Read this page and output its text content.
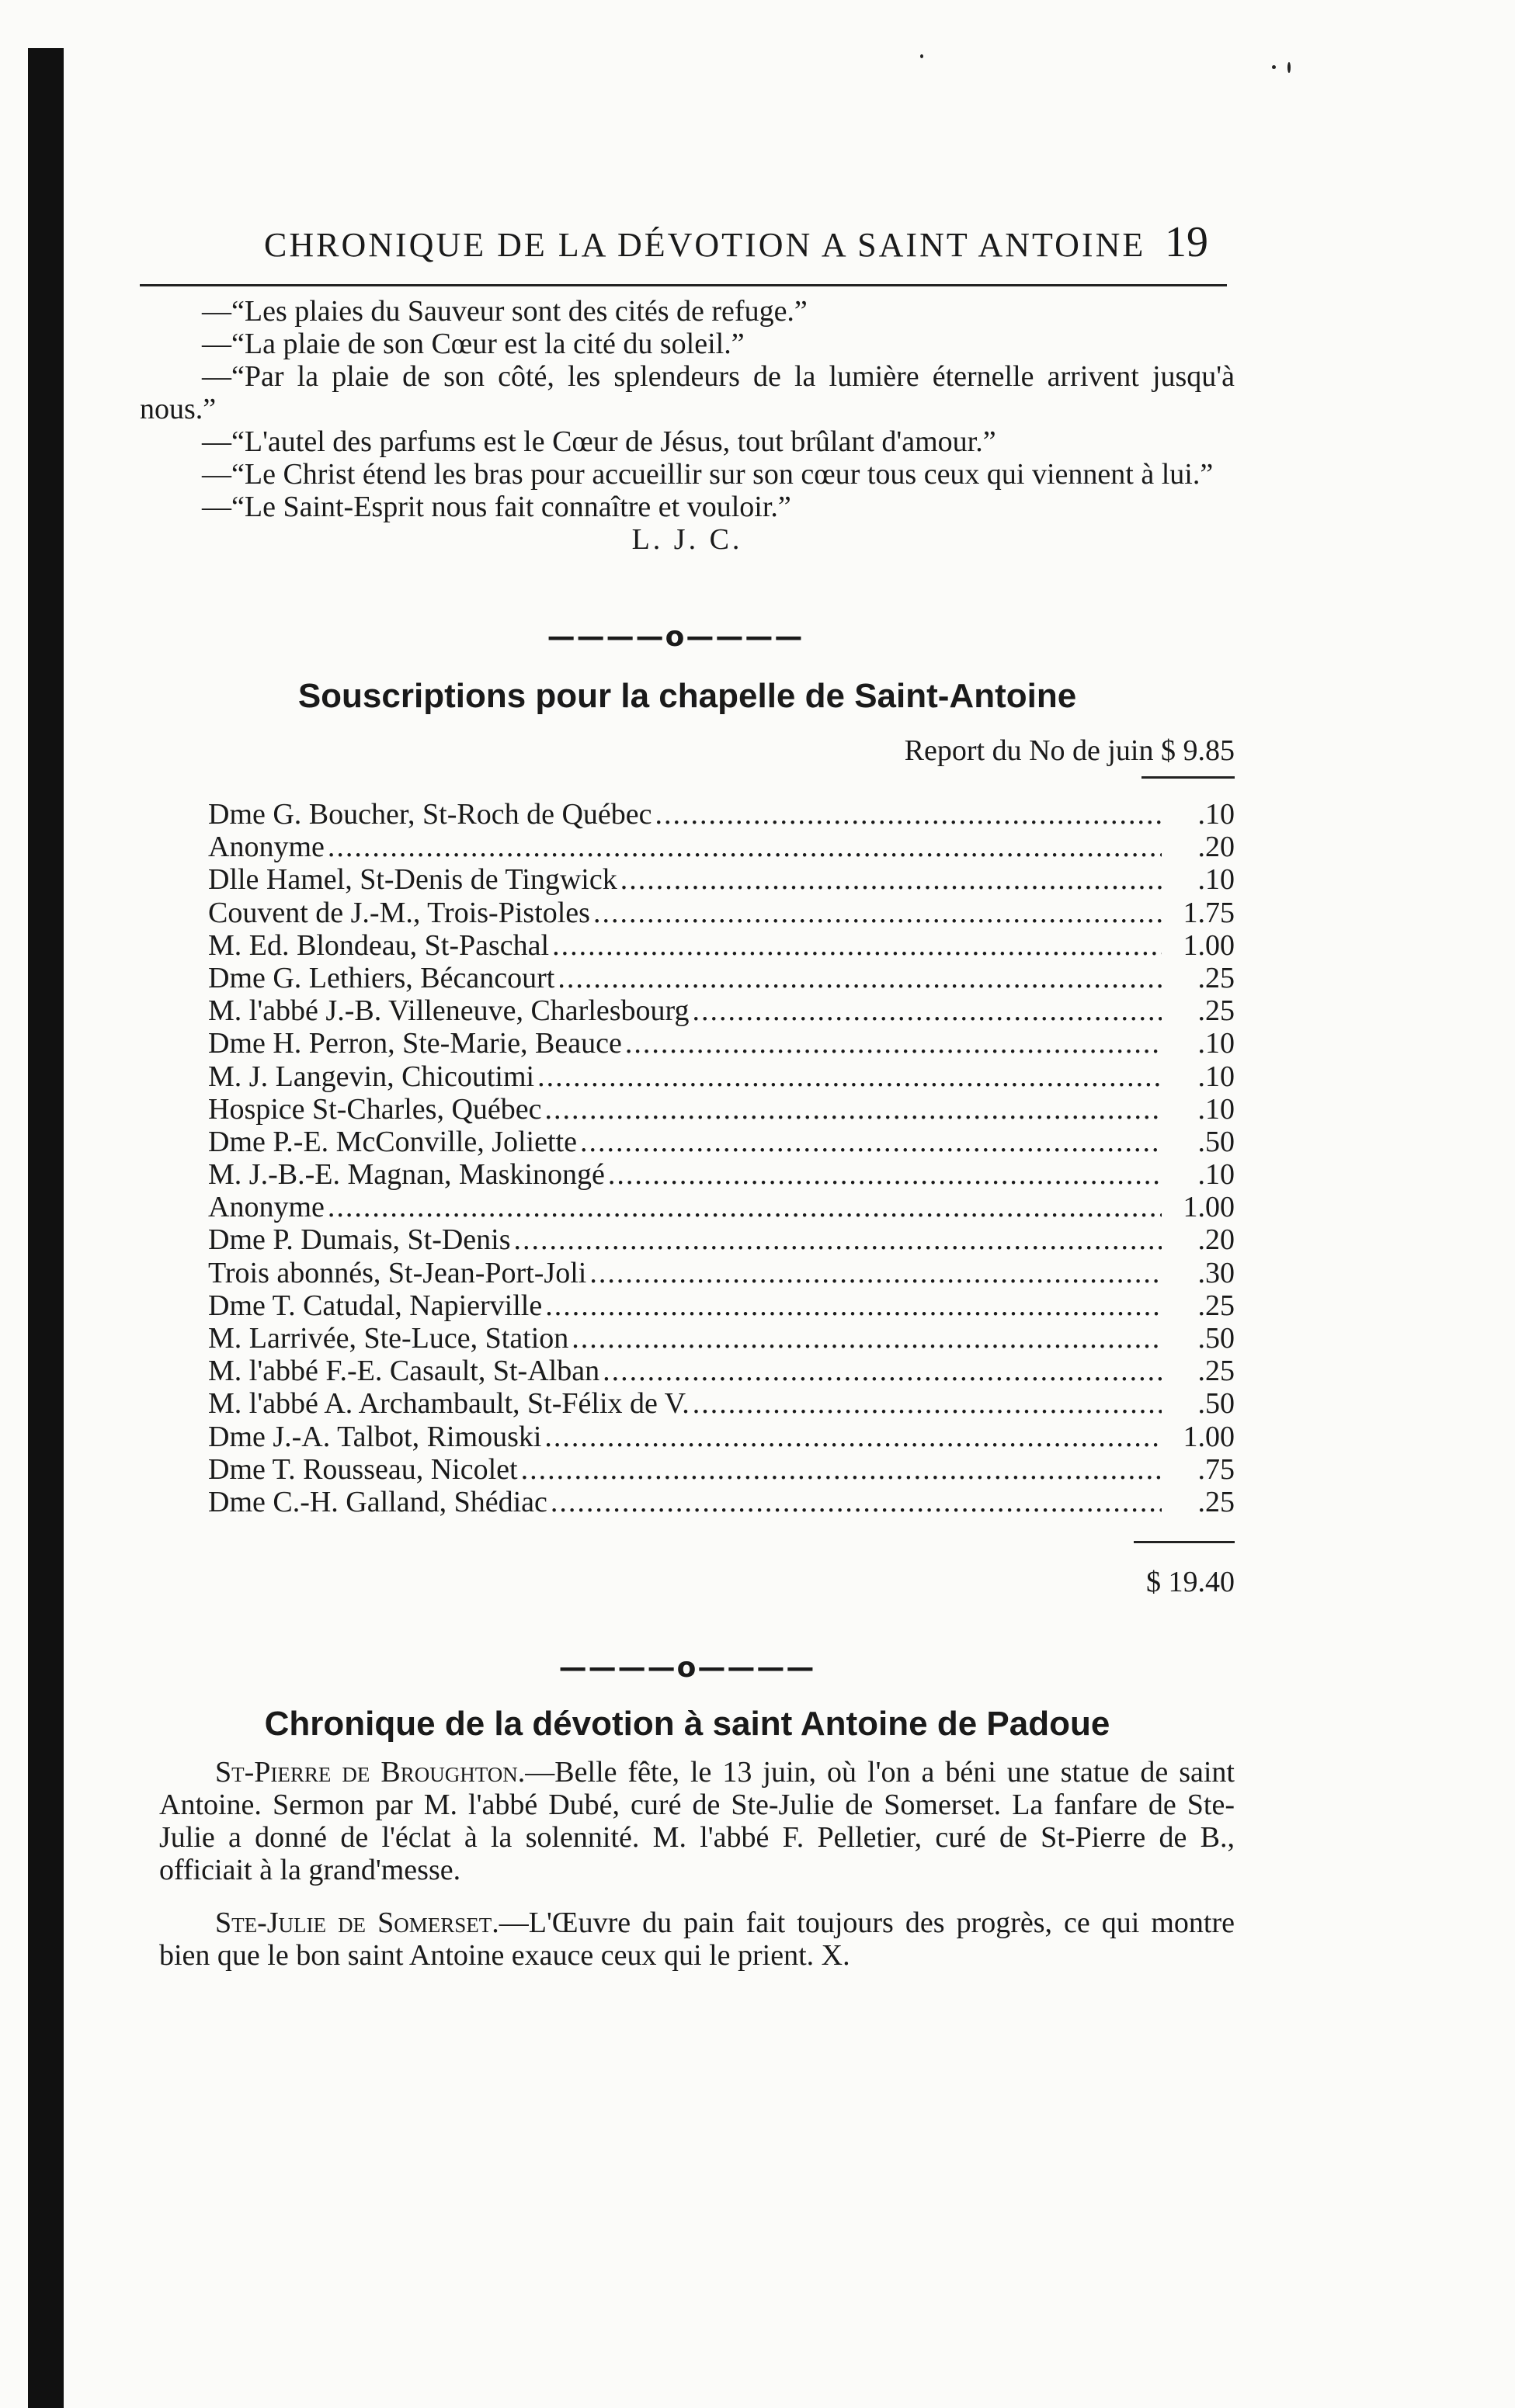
CHRONIQUE DE LA DÉVOTION A SAINT ANTOINE 19

—“Les plaies du Sauveur sont des cités de refuge.”

—“La plaie de son Cœur est la cité du soleil.”

—“Par la plaie de son côté, les splendeurs de la lumière éternelle arrivent jusqu'à nous.”

—“L'autel des parfums est le Cœur de Jésus, tout brûlant d'amour.”

—“Le Christ étend les bras pour accueillir sur son cœur tous ceux qui viennent à lui.”

—“Le Saint-Esprit nous fait connaître et vouloir.”

L. J. C.
————o————
Souscriptions pour la chapelle de Saint-Antoine
Report du No de juin $ 9.85
Dme G. Boucher, St-Roch de Québec .....	.10
Anonyme .....	.20
Dlle Hamel, St-Denis de Tingwick .....	.10
Couvent de J.-M., Trois-Pistoles .....	1.75
M. Ed. Blondeau, St-Paschal .....	1.00
Dme G. Lethiers, Bécancourt .....	.25
M. l'abbé J.-B. Villeneuve, Charlesbourg .....	.25
Dme H. Perron, Ste-Marie, Beauce .....	.10
M. J. Langevin, Chicoutimi .....	.10
Hospice St-Charles, Québec .....	.10
Dme P.-E. McConville, Joliette .....	.50
M. J.-B.-E. Magnan, Maskinongé .....	.10
Anonyme .....	1.00
Dme P. Dumais, St-Denis .....	.20
Trois abonnés, St-Jean-Port-Joli .....	.30
Dme T. Catudal, Napierville .....	.25
M. Larrivée, Ste-Luce, Station .....	.50
M. l'abbé F.-E. Casault, St-Alban .....	.25
M. l'abbé A. Archambault, St-Félix de V. .....	.50
Dme J.-A. Talbot, Rimouski .....	1.00
Dme T. Rousseau, Nicolet .....	.75
Dme C.-H. Galland, Shédiac .....	.25
$ 19.40
————o————
Chronique de la dévotion à saint Antoine de Padoue

St-Pierre de Broughton.—Belle fête, le 13 juin, où l'on a béni une statue de saint Antoine. Sermon par M. l'abbé Dubé, curé de Ste-Julie de Somerset. La fanfare de Ste-Julie a donné de l'éclat à la solennité. M. l'abbé F. Pelletier, curé de St-Pierre de B., officiait à la grand'messe.

Ste-Julie de Somerset.—L'Œuvre du pain fait toujours des progrès, ce qui montre bien que le bon saint Antoine exauce ceux qui le prient. X.
